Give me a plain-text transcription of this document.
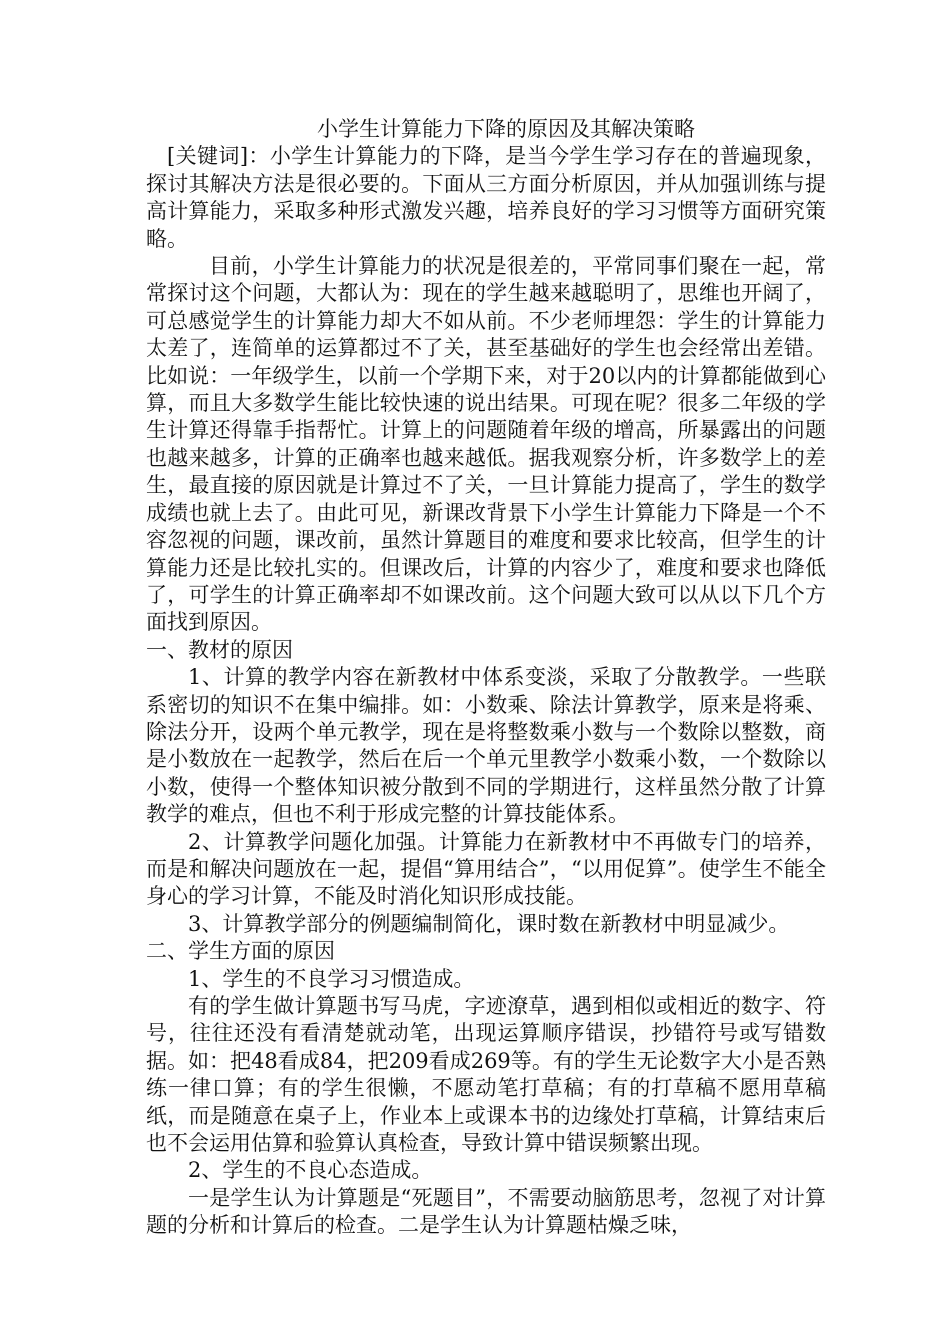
小学生计算能力下降的原因及其解决策略

[关键词]：小学生计算能力的下降，是当今学生学习存在的普遍现象，探讨其解决方法是很必要的。下面从三方面分析原因，并从加强训练与提高计算能力，采取多种形式激发兴趣，培养良好的学习习惯等方面研究策略。

目前，小学生计算能力的状况是很差的，平常同事们聚在一起，常常探讨这个问题，大都认为：现在的学生越来越聪明了，思维也开阔了，可总感觉学生的计算能力却大不如从前。不少老师埋怨：学生的计算能力太差了，连简单的运算都过不了关，甚至基础好的学生也会经常出差错。比如说：一年级学生，以前一个学期下来，对于20以内的计算都能做到心算，而且大多数学生能比较快速的说出结果。可现在呢？很多二年级的学生计算还得靠手指帮忙。计算上的问题随着年级的增高，所暴露出的问题也越来越多，计算的正确率也越来越低。据我观察分析，许多数学上的差生，最直接的原因就是计算过不了关，一旦计算能力提高了，学生的数学成绩也就上去了。由此可见，新课改背景下小学生计算能力下降是一个不容忽视的问题，课改前，虽然计算题目的难度和要求比较高，但学生的计算能力还是比较扎实的。但课改后，计算的内容少了，难度和要求也降低了，可学生的计算正确率却不如课改前。这个问题大致可以从以下几个方面找到原因。

一、教材的原因

1、计算的教学内容在新教材中体系变淡，采取了分散教学。一些联系密切的知识不在集中编排。如：小数乘、除法计算教学，原来是将乘、除法分开，设两个单元教学，现在是将整数乘小数与一个数除以整数，商是小数放在一起教学，然后在后一个单元里教学小数乘小数，一个数除以小数，使得一个整体知识被分散到不同的学期进行，这样虽然分散了计算教学的难点，但也不利于形成完整的计算技能体系。

2、计算教学问题化加强。计算能力在新教材中不再做专门的培养，而是和解决问题放在一起，提倡“算用结合”，“以用促算”。使学生不能全身心的学习计算，不能及时消化知识形成技能。

3、计算教学部分的例题编制简化，课时数在新教材中明显减少。

二、学生方面的原因

1、学生的不良学习习惯造成。

有的学生做计算题书写马虎，字迹潦草，遇到相似或相近的数字、符号，往往还没有看清楚就动笔，出现运算顺序错误，抄错符号或写错数据。如：把48看成84，把209看成269等。有的学生无论数字大小是否熟练一律口算；有的学生很懒，不愿动笔打草稿；有的打草稿不愿用草稿纸，而是随意在桌子上，作业本上或课本书的边缘处打草稿，计算结束后也不会运用估算和验算认真检查，导致计算中错误频繁出现。

2、学生的不良心态造成。

一是学生认为计算题是“死题目”，不需要动脑筋思考，忽视了对计算题的分析和计算后的检查。二是学生认为计算题枯燥乏味，
